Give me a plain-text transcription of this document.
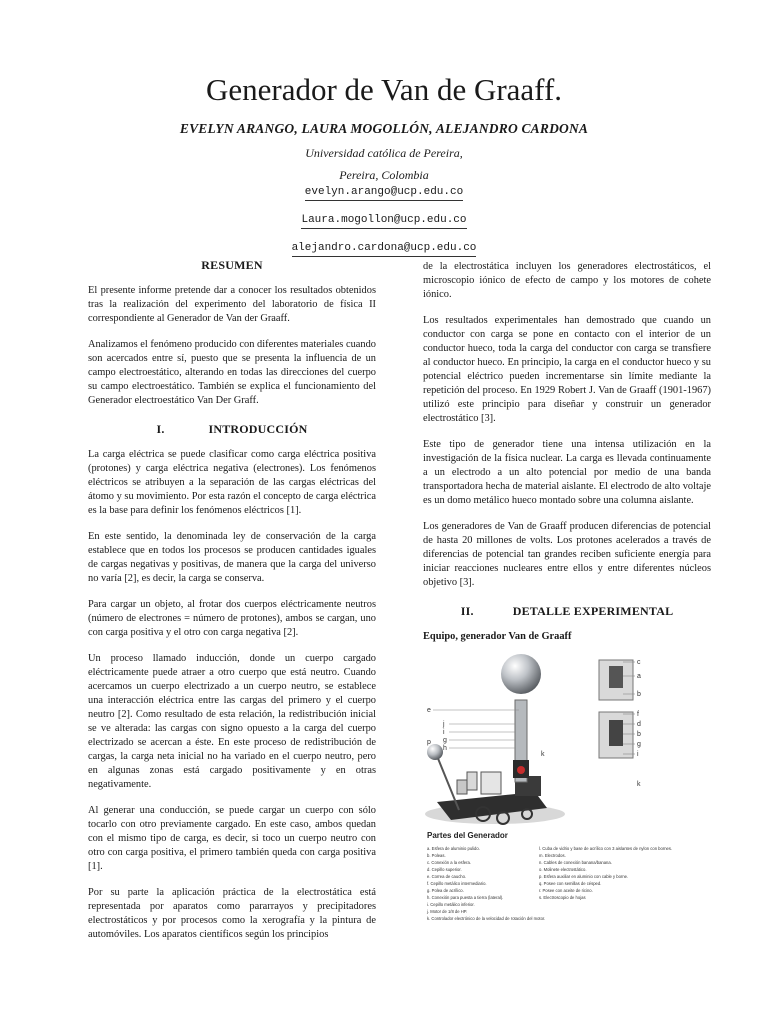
Generador de Van de Graaff.
EVELYN ARANGO, LAURA MOGOLLÓN, ALEJANDRO CARDONA
Universidad católica de Pereira,
Pereira, Colombia
evelyn.arango@ucp.edu.co
Laura.mogollon@ucp.edu.co
alejandro.cardona@ucp.edu.co
RESUMEN

El presente informe pretende dar a conocer los resultados obtenidos tras la realización del experimento del laboratorio de física II correspondiente al Generador de Van der Graaff.

Analizamos el fenómeno producido con diferentes materiales cuando son acercados entre sí, puesto que se presenta la influencia de un campo electroestático, alterando en todas las direcciones del cuerpo su campo electroestático. También se explica el funcionamiento del Generador electroestático Van Der Graff.

I.	INTRODUCCIÓN

La carga eléctrica se puede clasificar como carga eléctrica positiva (protones) y carga eléctrica negativa (electrones). Los fenómenos eléctricos se atribuyen a la separación de las cargas eléctricas del átomo y su movimiento. Por esta razón el concepto de carga eléctrica es la base para definir los fenómenos eléctricos [1].

En este sentido, la denominada ley de conservación de la carga establece que en todos los procesos se producen cantidades iguales de cargas negativas y positivas, de manera que la carga del universo no varía [2], es decir, la carga se conserva.

Para cargar un objeto, al frotar dos cuerpos eléctricamente neutros (número de electrones = número de protones), ambos se cargan, uno con carga positiva y el otro con carga negativa [2].

Un proceso llamado inducción, donde un cuerpo cargado eléctricamente puede atraer a otro cuerpo que está neutro. Cuando acercamos un cuerpo electrizado a un cuerpo neutro, se establece una interacción eléctrica entre las cargas del primero y el cuerpo neutro [2]. Como resultado de esta relación, la redistribución inicial se ve alterada: las cargas con signo opuesto a la carga del cuerpo electrizado se acercan a éste. En este proceso de redistribución de cargas, la carga neta inicial no ha variado en el cuerpo neutro, pero en algunas zonas está cargado positivamente y en otras negativamente.

Al generar una conducción, se puede cargar un cuerpo con sólo tocarlo con otro previamente cargado. En este caso, ambos quedan con el mismo tipo de carga, es decir, si toco un cuerpo neutro con otro con carga positiva, el primero también queda con carga positiva [1].

Por su parte la aplicación práctica de la electrostática está representada por aparatos como pararrayos y precipitadores electrostáticos y por procesos como la xerografía y la pintura de automóviles. Los aparatos científicos según los principios

de la electrostática incluyen los generadores electrostáticos, el microscopio iónico de efecto de campo y los motores de cohete iónico.

Los resultados experimentales han demostrado que cuando un conductor con carga se pone en contacto con el interior de un conductor hueco, toda la carga del conductor con carga se transfiere al conductor hueco. En principio, la carga en el conductor hueco y su potencial eléctrico pueden incrementarse sin límite mediante la repetición del proceso. En 1929 Robert J. Van de Graaff (1901-1967) utilizó este principio para diseñar y construir un generador electrostático [3].

Este tipo de generador tiene una intensa utilización en la investigación de la física nuclear. La carga es llevada continuamente a un electrodo a un alto potencial por medio de una banda transportadora hecha de material aislante. El electrodo de alto voltaje es un domo metálico hueco montado sobre una columna aislante.

Los generadores de Van de Graaff producen diferencias de potencial de hasta 20 millones de volts. Los protones acelerados a través de diferencias de potencial tan grandes reciben suficiente energía para iniciar reacciones nucleares entre ellos y entre diferentes núcleos objetivo [3].

II.	DETALLE EXPERIMENTAL
Equipo, generador Van de Graaff
e
j
i
g
h
k
p
c
a
b
f
d
b
g
i
k
Partes del Generador
a. Esfera de aluminio pulido.
b. Poleas.
c. Conexión a la esfera.
d. Cepillo superior.
e. Correa de caucho.
f. Cepillo metálico intermediario.
g. Polea de acrílico.
h. Conexión para puesta a tierra (lateral).
i. Cepillo metálico inferior.
j. Motor de 1/8 de HP.
k. Controlador electrónico de la velocidad de rotación del motor.
l. Cuba de vidrio y base de acrílico con 3 aislantes de nylon con bornes.
m. Electrodos.
n. Cables de conexión banana/banana.
o. Molinete electrostático.
p. Esfera auxiliar en aluminio con cable y borne.
q. Posee con semillas de césped.
r. Posee con aceite de ricino.
s. Electroscopio de hojas
